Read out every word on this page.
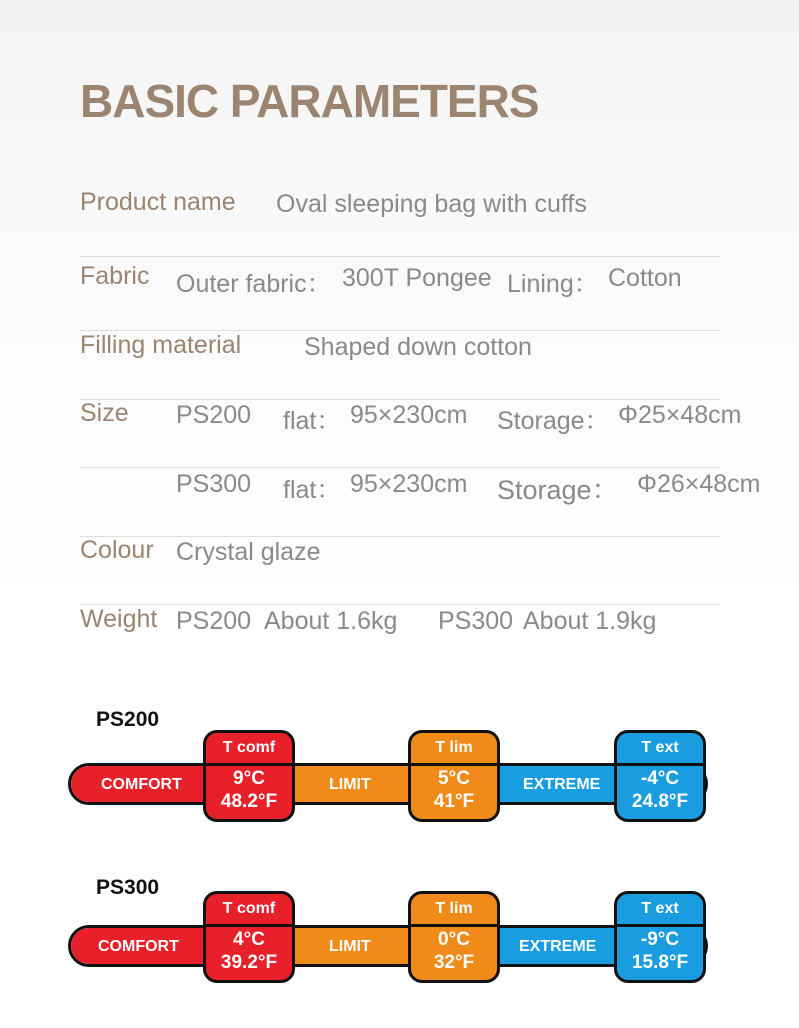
BASIC PARAMETERS
Product name Oval sleeping bag with cuffs
Fabric Outer fabric： 300T Pongee Lining： Cotton
Filling material	Shaped down cotton
Size PS200 flat： 95×230cm Storage： Φ25×48cm
PS300 flat： 95×230cm Storage： Φ26×48cm
Colour Crystal glaze
Weight PS200 About 1.6kg PS300 About 1.9kg
PS200
COMFORT	LIMIT	EXTREME
T comf
9°C
48.2°F
T lim
5°C
41°F
T ext
-4°C
24.8°F
PS300
COMFORT	LIMIT	EXTREME
T comf
4°C
39.2°F
T lim
0°C
32°F
T ext
-9°C
15.8°F
